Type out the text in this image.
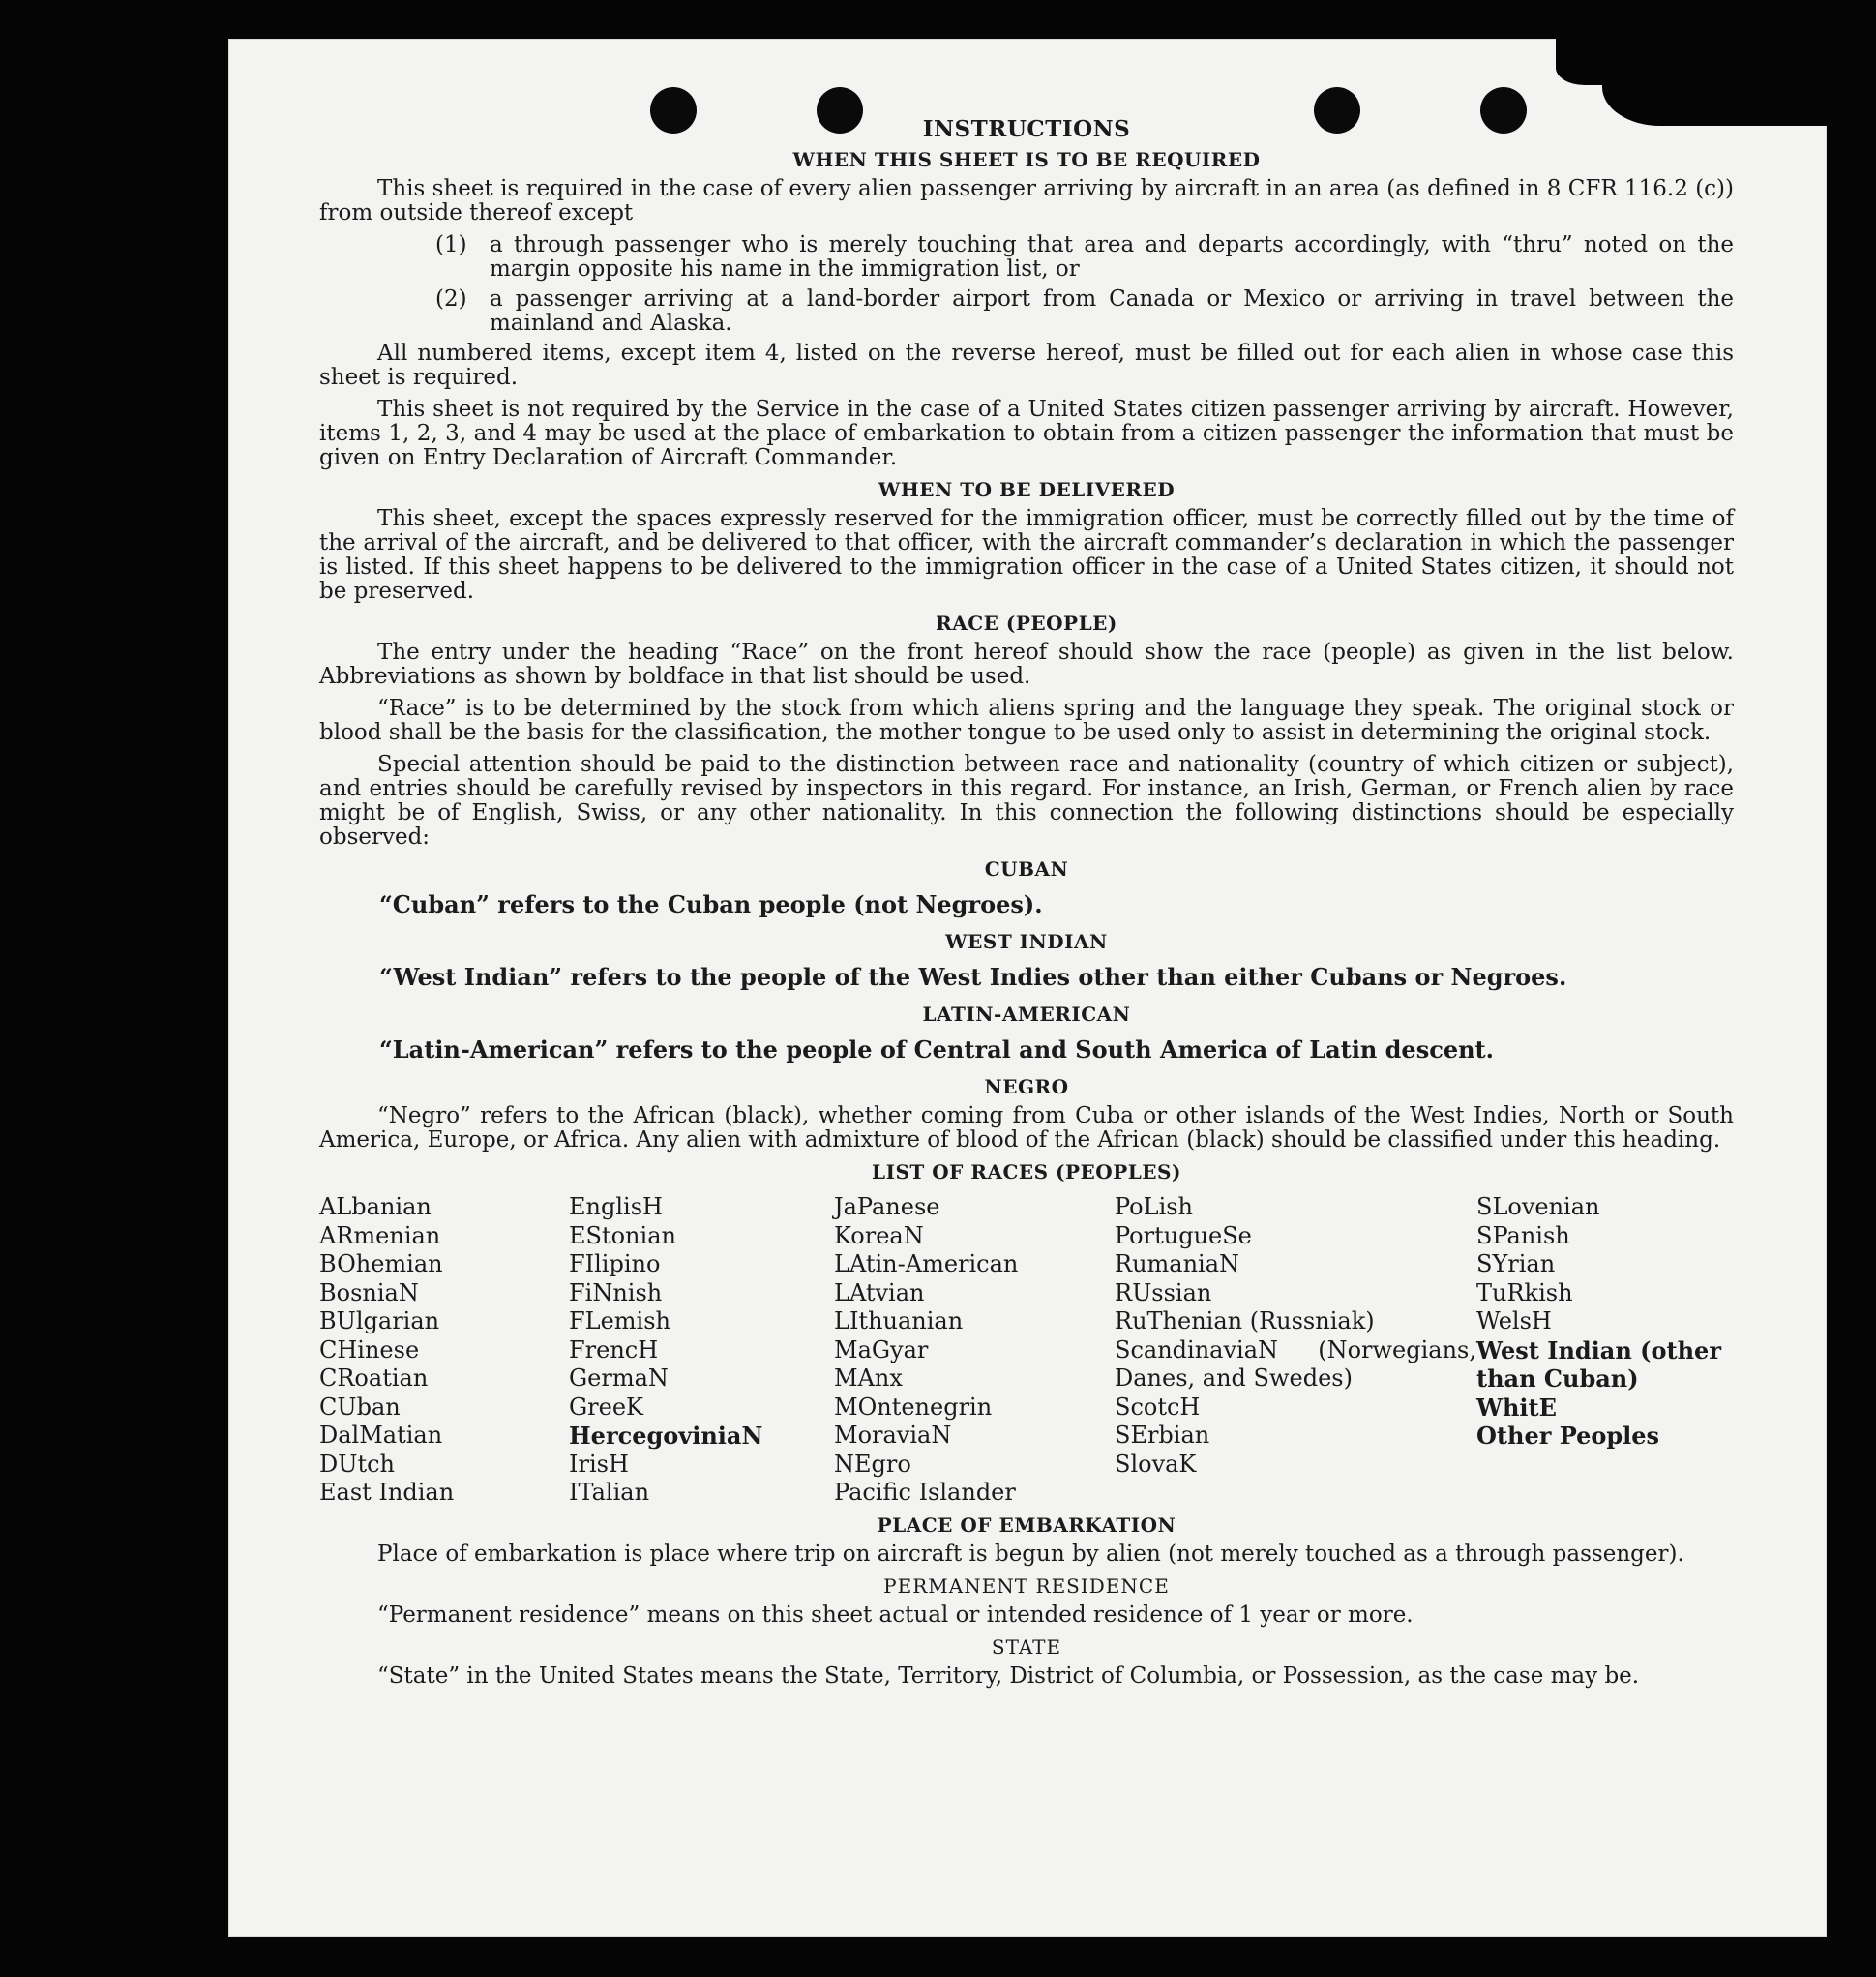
INSTRUCTIONS
WHEN THIS SHEET IS TO BE REQUIRED

This sheet is required in the case of every alien passenger arriving by aircraft in an area (as defined in 8 CFR 116.2 (c)) from outside thereof except

(1)	a through passenger who is merely touching that area and departs accordingly, with “thru” noted on the margin opposite his name in the immigration list, or
(2)	a passenger arriving at a land-border airport from Canada or Mexico or arriving in travel between the mainland and Alaska.

All numbered items, except item 4, listed on the reverse hereof, must be filled out for each alien in whose case this sheet is required.

This sheet is not required by the Service in the case of a United States citizen passenger arriving by aircraft. However, items 1, 2, 3, and 4 may be used at the place of embarkation to obtain from a citizen passenger the information that must be given on Entry Declaration of Aircraft Commander.

WHEN TO BE DELIVERED

This sheet, except the spaces expressly reserved for the immigration officer, must be correctly filled out by the time of the arrival of the aircraft, and be delivered to that officer, with the aircraft commander’s declaration in which the passenger is listed. If this sheet happens to be delivered to the immigration officer in the case of a United States citizen, it should not be preserved.

RACE (PEOPLE)

The entry under the heading “Race” on the front hereof should show the race (people) as given in the list below. Abbreviations as shown by boldface in that list should be used.

“Race” is to be determined by the stock from which aliens spring and the language they speak. The original stock or blood shall be the basis for the classification, the mother tongue to be used only to assist in determining the original stock.

Special attention should be paid to the distinction between race and nationality (country of which citizen or subject), and entries should be carefully revised by inspectors in this regard. For instance, an Irish, German, or French alien by race might be of English, Swiss, or any other nationality. In this connection the following distinctions should be especially observed:

CUBAN
“Cuban” refers to the Cuban people (not Negroes).
WEST INDIAN
“West Indian” refers to the people of the West Indies other than either Cubans or Negroes.
LATIN-AMERICAN
“Latin-American” refers to the people of Central and South America of Latin descent.
NEGRO

“Negro” refers to the African (black), whether coming from Cuba or other islands of the West Indies, North or South America, Europe, or Africa. Any alien with admixture of blood of the African (black) should be classified under this heading.

LIST OF RACES (PEOPLES)
ALbanian
ARmenian
BOhemian
BosniaN
BUlgarian
CHinese
CRoatian
CUban
DalMatian
DUtch
East Indian
EnglisH
EStonian
FIlipino
FiNnish
FLemish
FrencH
GermaN
GreeK
HercegoviniaN
IrisH
ITalian
JaPanese
KoreaN
LAtin-American
LAtvian
LIthuanian
MaGyar
MAnx
MOntenegrin
MoraviaN
NEgro
Pacific Islander
PoLish
PortugueSe
RumaniaN
RUssian
RuThenian (Russniak)
ScandinaviaN (Norwegians, Danes, and Swedes)
ScotcH
SErbian
SlovaK
SLovenian
SPanish
SYrian
TuRkish
WelsH
West Indian (other than Cuban)
WhitE
Other Peoples
PLACE OF EMBARKATION

Place of embarkation is place where trip on aircraft is begun by alien (not merely touched as a through passenger).

PERMANENT RESIDENCE

“Permanent residence” means on this sheet actual or intended residence of 1 year or more.

STATE

“State” in the United States means the State, Territory, District of Columbia, or Possession, as the case may be.
